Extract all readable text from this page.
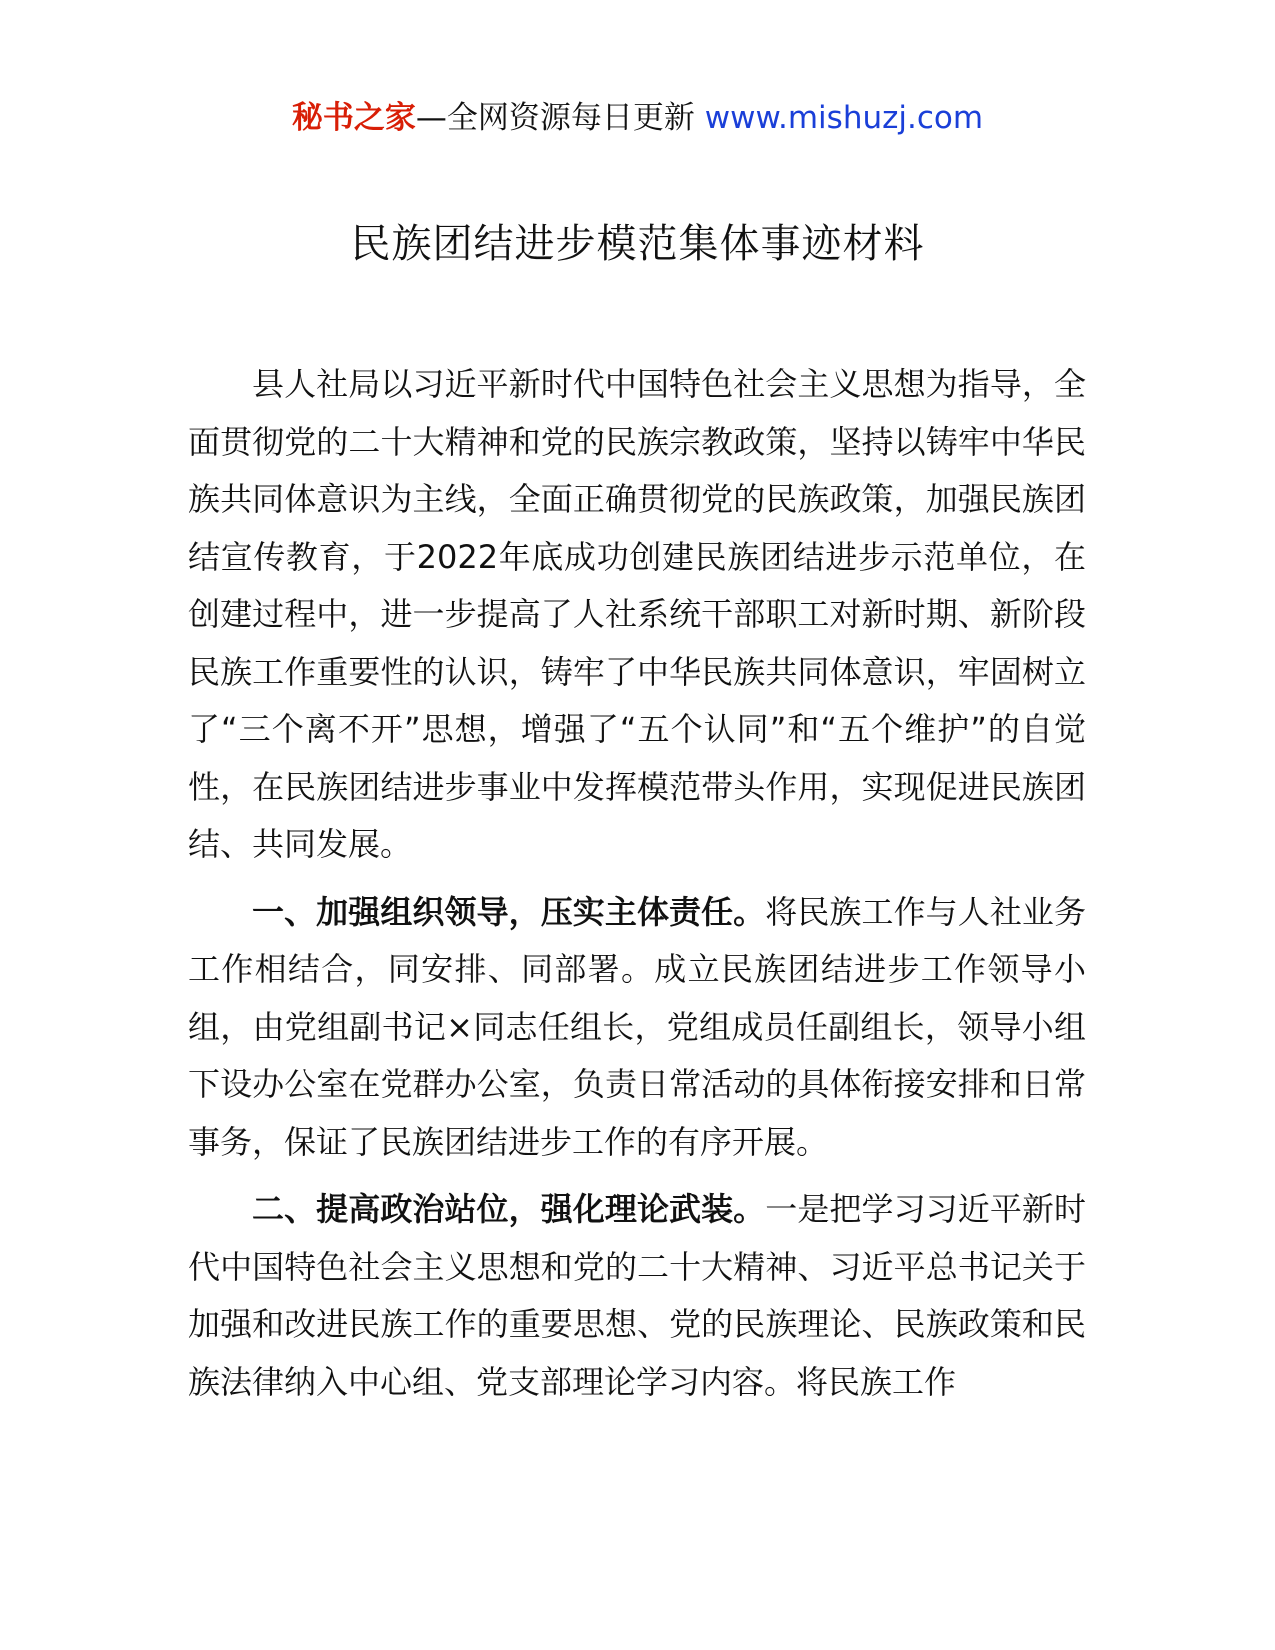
秘书之家—全网资源每日更新 www.mishuzj.com
民族团结进步模范集体事迹材料

县人社局以习近平新时代中国特色社会主义思想为指导，全面贯彻党的二十大精神和党的民族宗教政策，坚持以铸牢中华民族共同体意识为主线，全面正确贯彻党的民族政策，加强民族团结宣传教育，于2022年底成功创建民族团结进步示范单位，在创建过程中，进一步提高了人社系统干部职工对新时期、新阶段民族工作重要性的认识，铸牢了中华民族共同体意识，牢固树立了“三个离不开”思想，增强了“五个认同”和“五个维护”的自觉性，在民族团结进步事业中发挥模范带头作用，实现促进民族团结、共同发展。

一、加强组织领导，压实主体责任。将民族工作与人社业务工作相结合，同安排、同部署。成立民族团结进步工作领导小组，由党组副书记×同志任组长，党组成员任副组长，领导小组下设办公室在党群办公室，负责日常活动的具体衔接安排和日常事务，保证了民族团结进步工作的有序开展。

二、提高政治站位，强化理论武装。一是把学习习近平新时代中国特色社会主义思想和党的二十大精神、习近平总书记关于加强和改进民族工作的重要思想、党的民族理论、民族政策和民族法律纳入中心组、党支部理论学习内容。将民族工作
